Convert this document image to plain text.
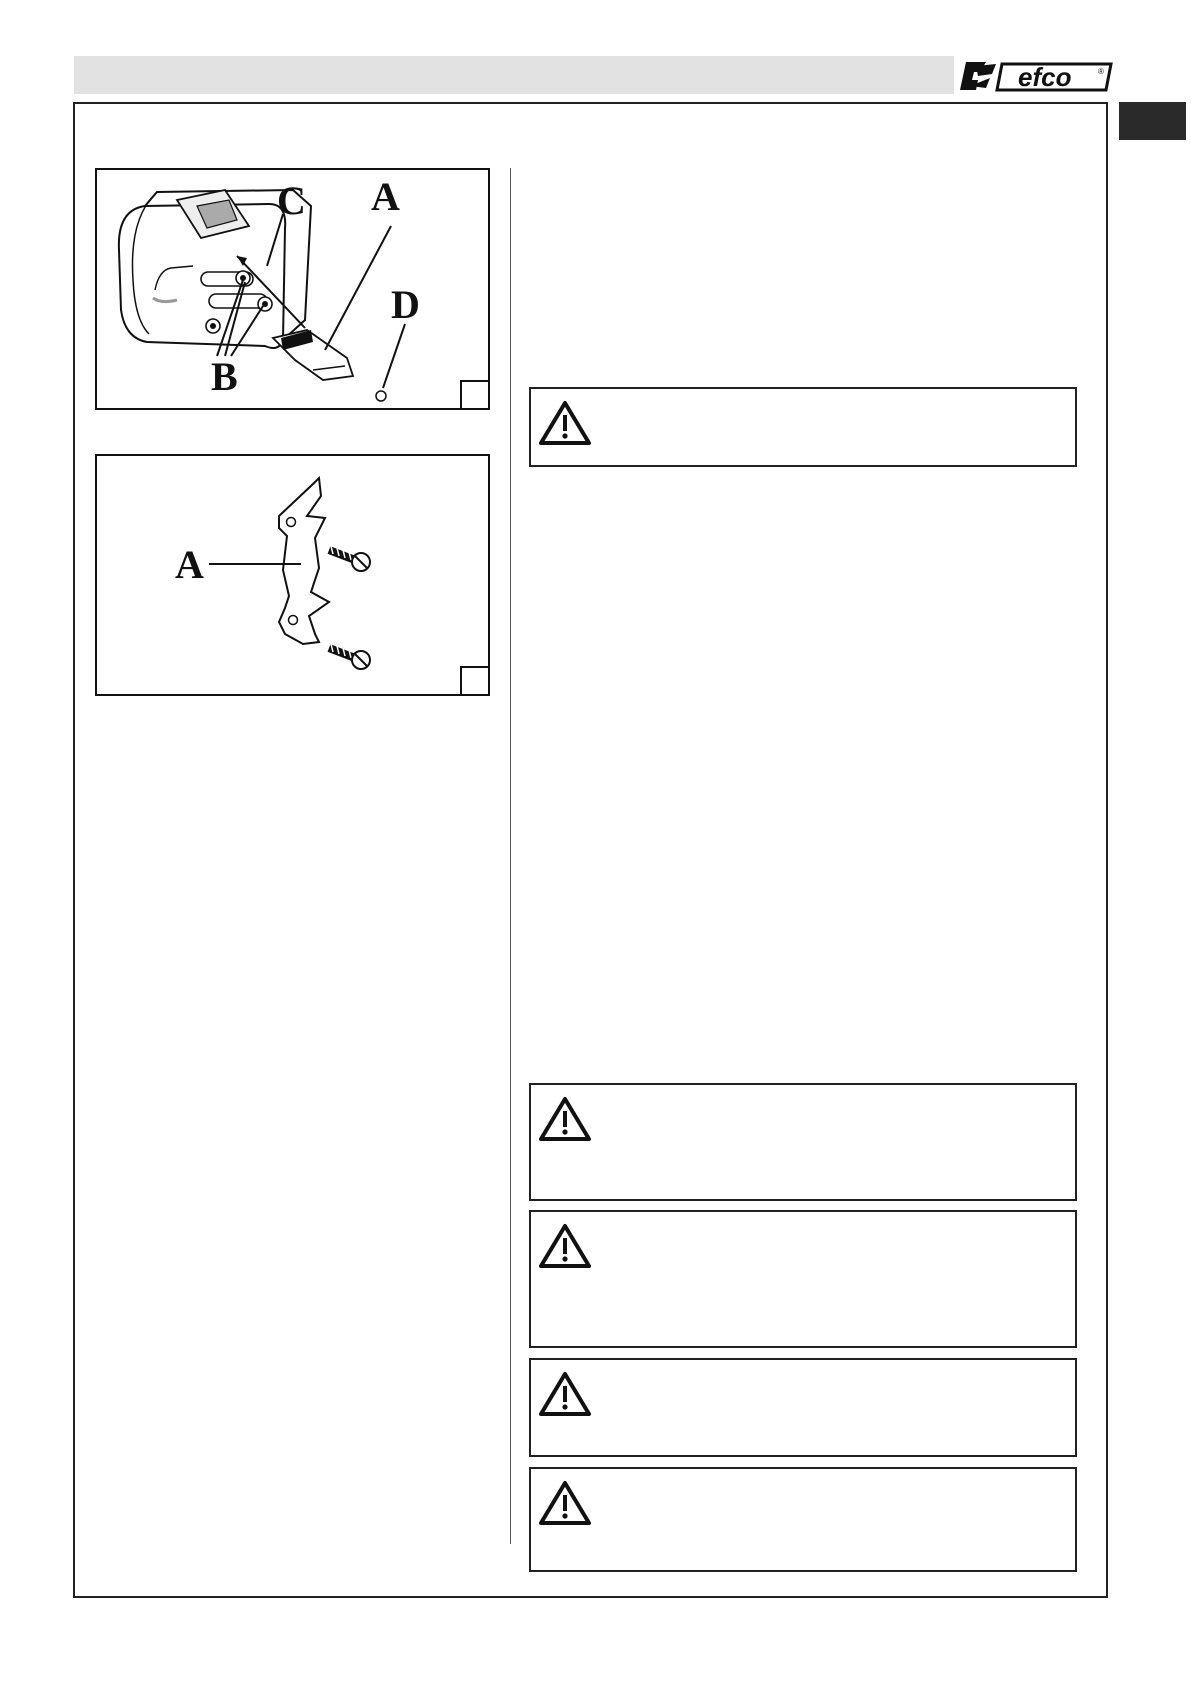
efco	®
A
B
C
D
A
